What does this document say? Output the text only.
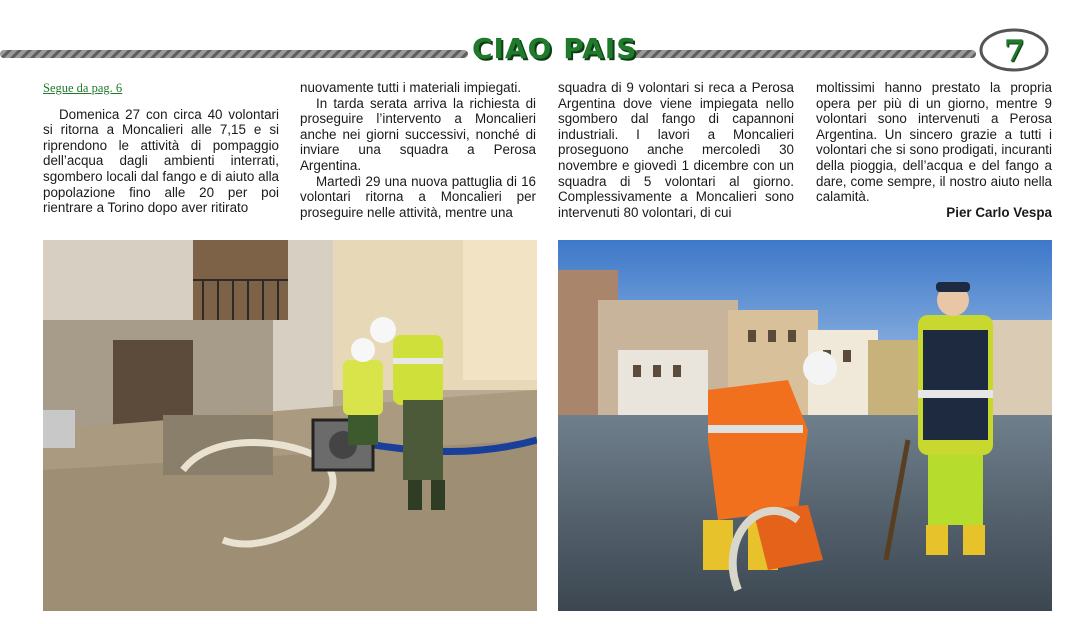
CIAO PAIS	7

Segue da pag. 6

Domenica 27 con circa 40 volontari si ritorna a Moncalieri alle 7,15 e si riprendono le attività di pompaggio dell’acqua dagli ambienti interrati, sgombero locali dal fango e di aiuto alla popolazione fino alle 20 per poi rientrare a Torino dopo aver ritirato

nuovamente tutti i materiali impiegati.

In tarda serata arriva la richiesta di proseguire l’intervento a Moncalieri anche nei giorni successivi, nonché di inviare una squadra a Perosa Argentina.

Martedì 29 una nuova pattuglia di 16 volontari ritorna a Moncalieri per proseguire nelle attività, mentre una

squadra di 9 volontari si reca a Perosa Argentina dove viene impiegata nello sgombero dal fango di capannoni industriali. I lavori a Moncalieri proseguono anche mercoledì 30 novembre e giovedì 1 dicembre con un squadra di 5 volontari al giorno. Complessivamente a Moncalieri sono intervenuti 80 volontari, di cui

moltissimi hanno prestato la propria opera per più di un giorno, mentre 9 volontari sono intervenuti a Perosa Argentina. Un sincero grazie a tutti i volontari che si sono prodigati, incuranti della pioggia, dell’acqua e del fango a dare, come sempre, il nostro aiuto nella calamità.

Pier Carlo Vespa
